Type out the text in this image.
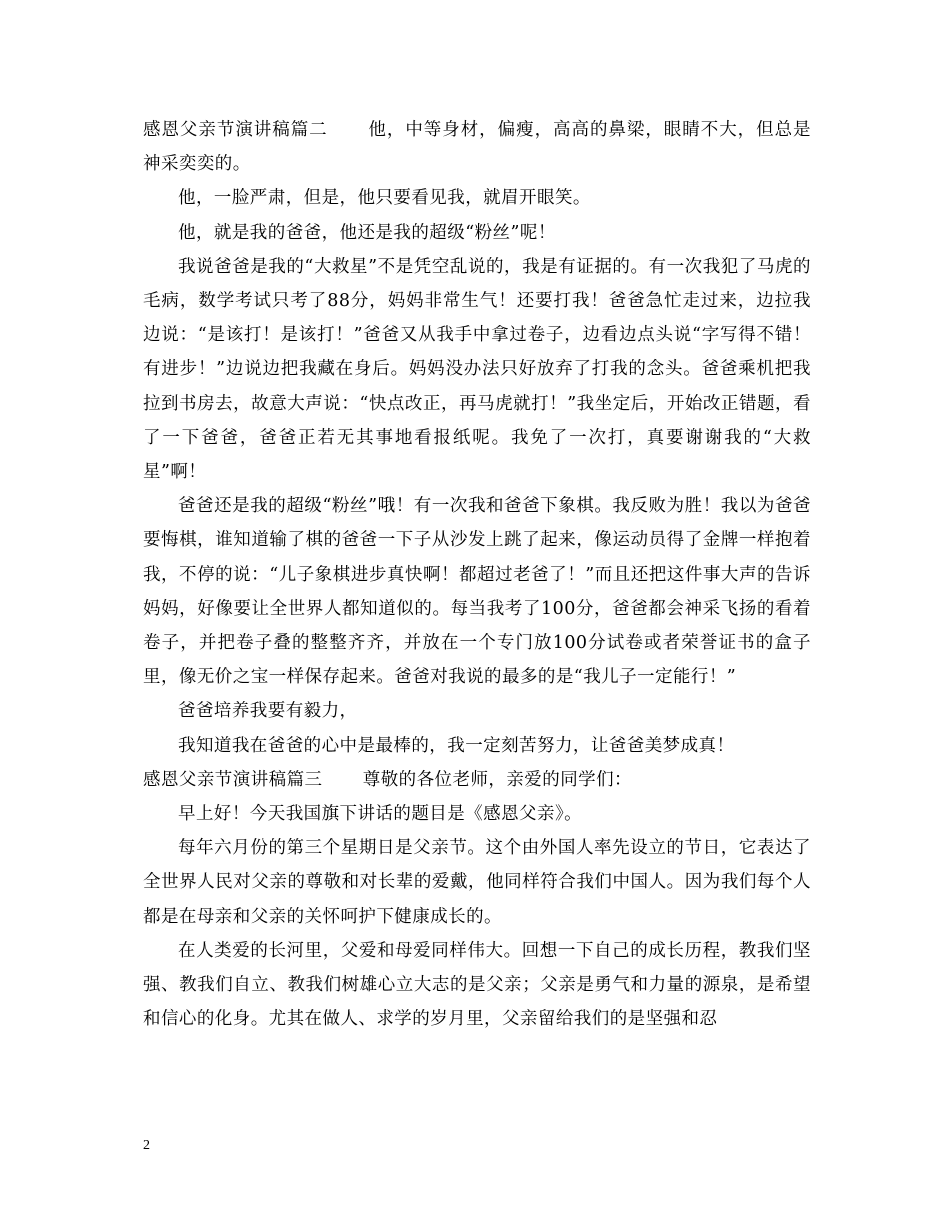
感恩父亲节演讲稿篇二 他，中等身材，偏瘦，高高的鼻梁，眼睛不大，但总是神采奕奕的。

他，一脸严肃，但是，他只要看见我，就眉开眼笑。

他，就是我的爸爸，他还是我的超级“粉丝”呢！

我说爸爸是我的“大救星”不是凭空乱说的，我是有证据的。有一次我犯了马虎的毛病，数学考试只考了88分，妈妈非常生气！还要打我！爸爸急忙走过来，边拉我边说：“是该打！是该打！”爸爸又从我手中拿过卷子，边看边点头说“字写得不错！有进步！”边说边把我藏在身后。妈妈没办法只好放弃了打我的念头。爸爸乘机把我拉到书房去，故意大声说：“快点改正，再马虎就打！”我坐定后，开始改正错题，看了一下爸爸，爸爸正若无其事地看报纸呢。我免了一次打，真要谢谢我的“大救星”啊！

爸爸还是我的超级“粉丝”哦！有一次我和爸爸下象棋。我反败为胜！我以为爸爸要悔棋，谁知道输了棋的爸爸一下子从沙发上跳了起来，像运动员得了金牌一样抱着我，不停的说：“儿子象棋进步真快啊！都超过老爸了！”而且还把这件事大声的告诉妈妈，好像要让全世界人都知道似的。每当我考了100分，爸爸都会神采飞扬的看着卷子，并把卷子叠的整整齐齐，并放在一个专门放100分试卷或者荣誉证书的盒子里，像无价之宝一样保存起来。爸爸对我说的最多的是“我儿子一定能行！”

爸爸培养我要有毅力，

我知道我在爸爸的心中是最棒的，我一定刻苦努力，让爸爸美梦成真！

感恩父亲节演讲稿篇三 尊敬的各位老师，亲爱的同学们：

早上好！今天我国旗下讲话的题目是《感恩父亲》。

每年六月份的第三个星期日是父亲节。这个由外国人率先设立的节日，它表达了全世界人民对父亲的尊敬和对长辈的爱戴，他同样符合我们中国人。因为我们每个人都是在母亲和父亲的关怀呵护下健康成长的。

在人类爱的长河里，父爱和母爱同样伟大。回想一下自己的成长历程，教我们坚强、教我们自立、教我们树雄心立大志的是父亲；父亲是勇气和力量的源泉，是希望和信心的化身。尤其在做人、求学的岁月里，父亲留给我们的是坚强和忍

2
